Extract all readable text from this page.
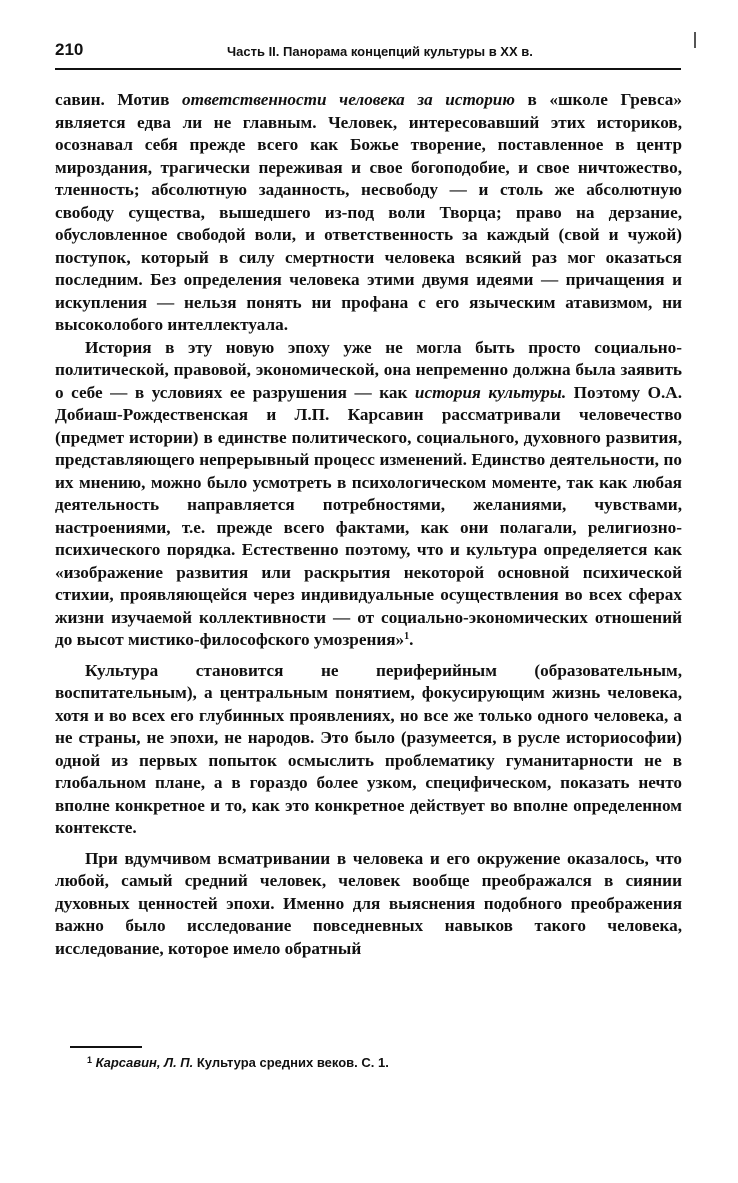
210	Часть II. Панорама концепций культуры в XX в.

савин. Мотив ответственности человека за историю в «школе Гревса» является едва ли не главным. Человек, интересовавший этих историков, осознавал себя прежде всего как Божье творение, поставленное в центр мироздания, трагически переживая и свое богоподобие, и свое ничтожество, тленность; абсолютную заданность, несвободу — и столь же абсолютную свободу существа, вышедшего из-под воли Творца; право на дерзание, обусловленное свободой воли, и ответственность за каждый (свой и чужой) поступок, который в силу смертности человека всякий раз мог оказаться последним. Без определения человека этими двумя идеями — причащения и искупления — нельзя понять ни профана с его языческим атавизмом, ни высоколобого интеллектуала.

История в эту новую эпоху уже не могла быть просто социально-политической, правовой, экономической, она непременно должна была заявить о себе — в условиях ее разрушения — как история культуры. Поэтому О.А. Добиаш-Рождественская и Л.П. Карсавин рассматривали человечество (предмет истории) в единстве политического, социального, духовного развития, представляющего непрерывный процесс изменений. Единство деятельности, по их мнению, можно было усмотреть в психологическом моменте, так как любая деятельность направляется потребностями, желаниями, чувствами, настроениями, т.е. прежде всего фактами, как они полагали, религиозно-психического порядка. Естественно поэтому, что и культура определяется как «изображение развития или раскрытия некоторой основной психической стихии, проявляющейся через индивидуальные осуществления во всех сферах жизни изучаемой коллективности — от социально-экономических отношений до высот мистико-философского умозрения»$^1$.

Культура становится не периферийным (образовательным, воспитательным), а центральным понятием, фокусирующим жизнь человека, хотя и во всех его глубинных проявлениях, но все же только одного человека, а не страны, не эпохи, не народов. Это было (разумеется, в русле историософии) одной из первых попыток осмыслить проблематику гуманитарности не в глобальном плане, а в гораздо более узком, специфическом, показать нечто вполне конкретное и то, как это конкретное действует во вполне определенном контексте.

При вдумчивом всматривании в человека и его окружение оказалось, что любой, самый средний человек, человек вообще преображался в сиянии духовных ценностей эпохи. Именно для выяснения подобного преображения важно было исследование повседневных навыков такого человека, исследование, которое имело обратный

$^1$ Карсавин, Л. П. Культура средних веков. С. 1.
